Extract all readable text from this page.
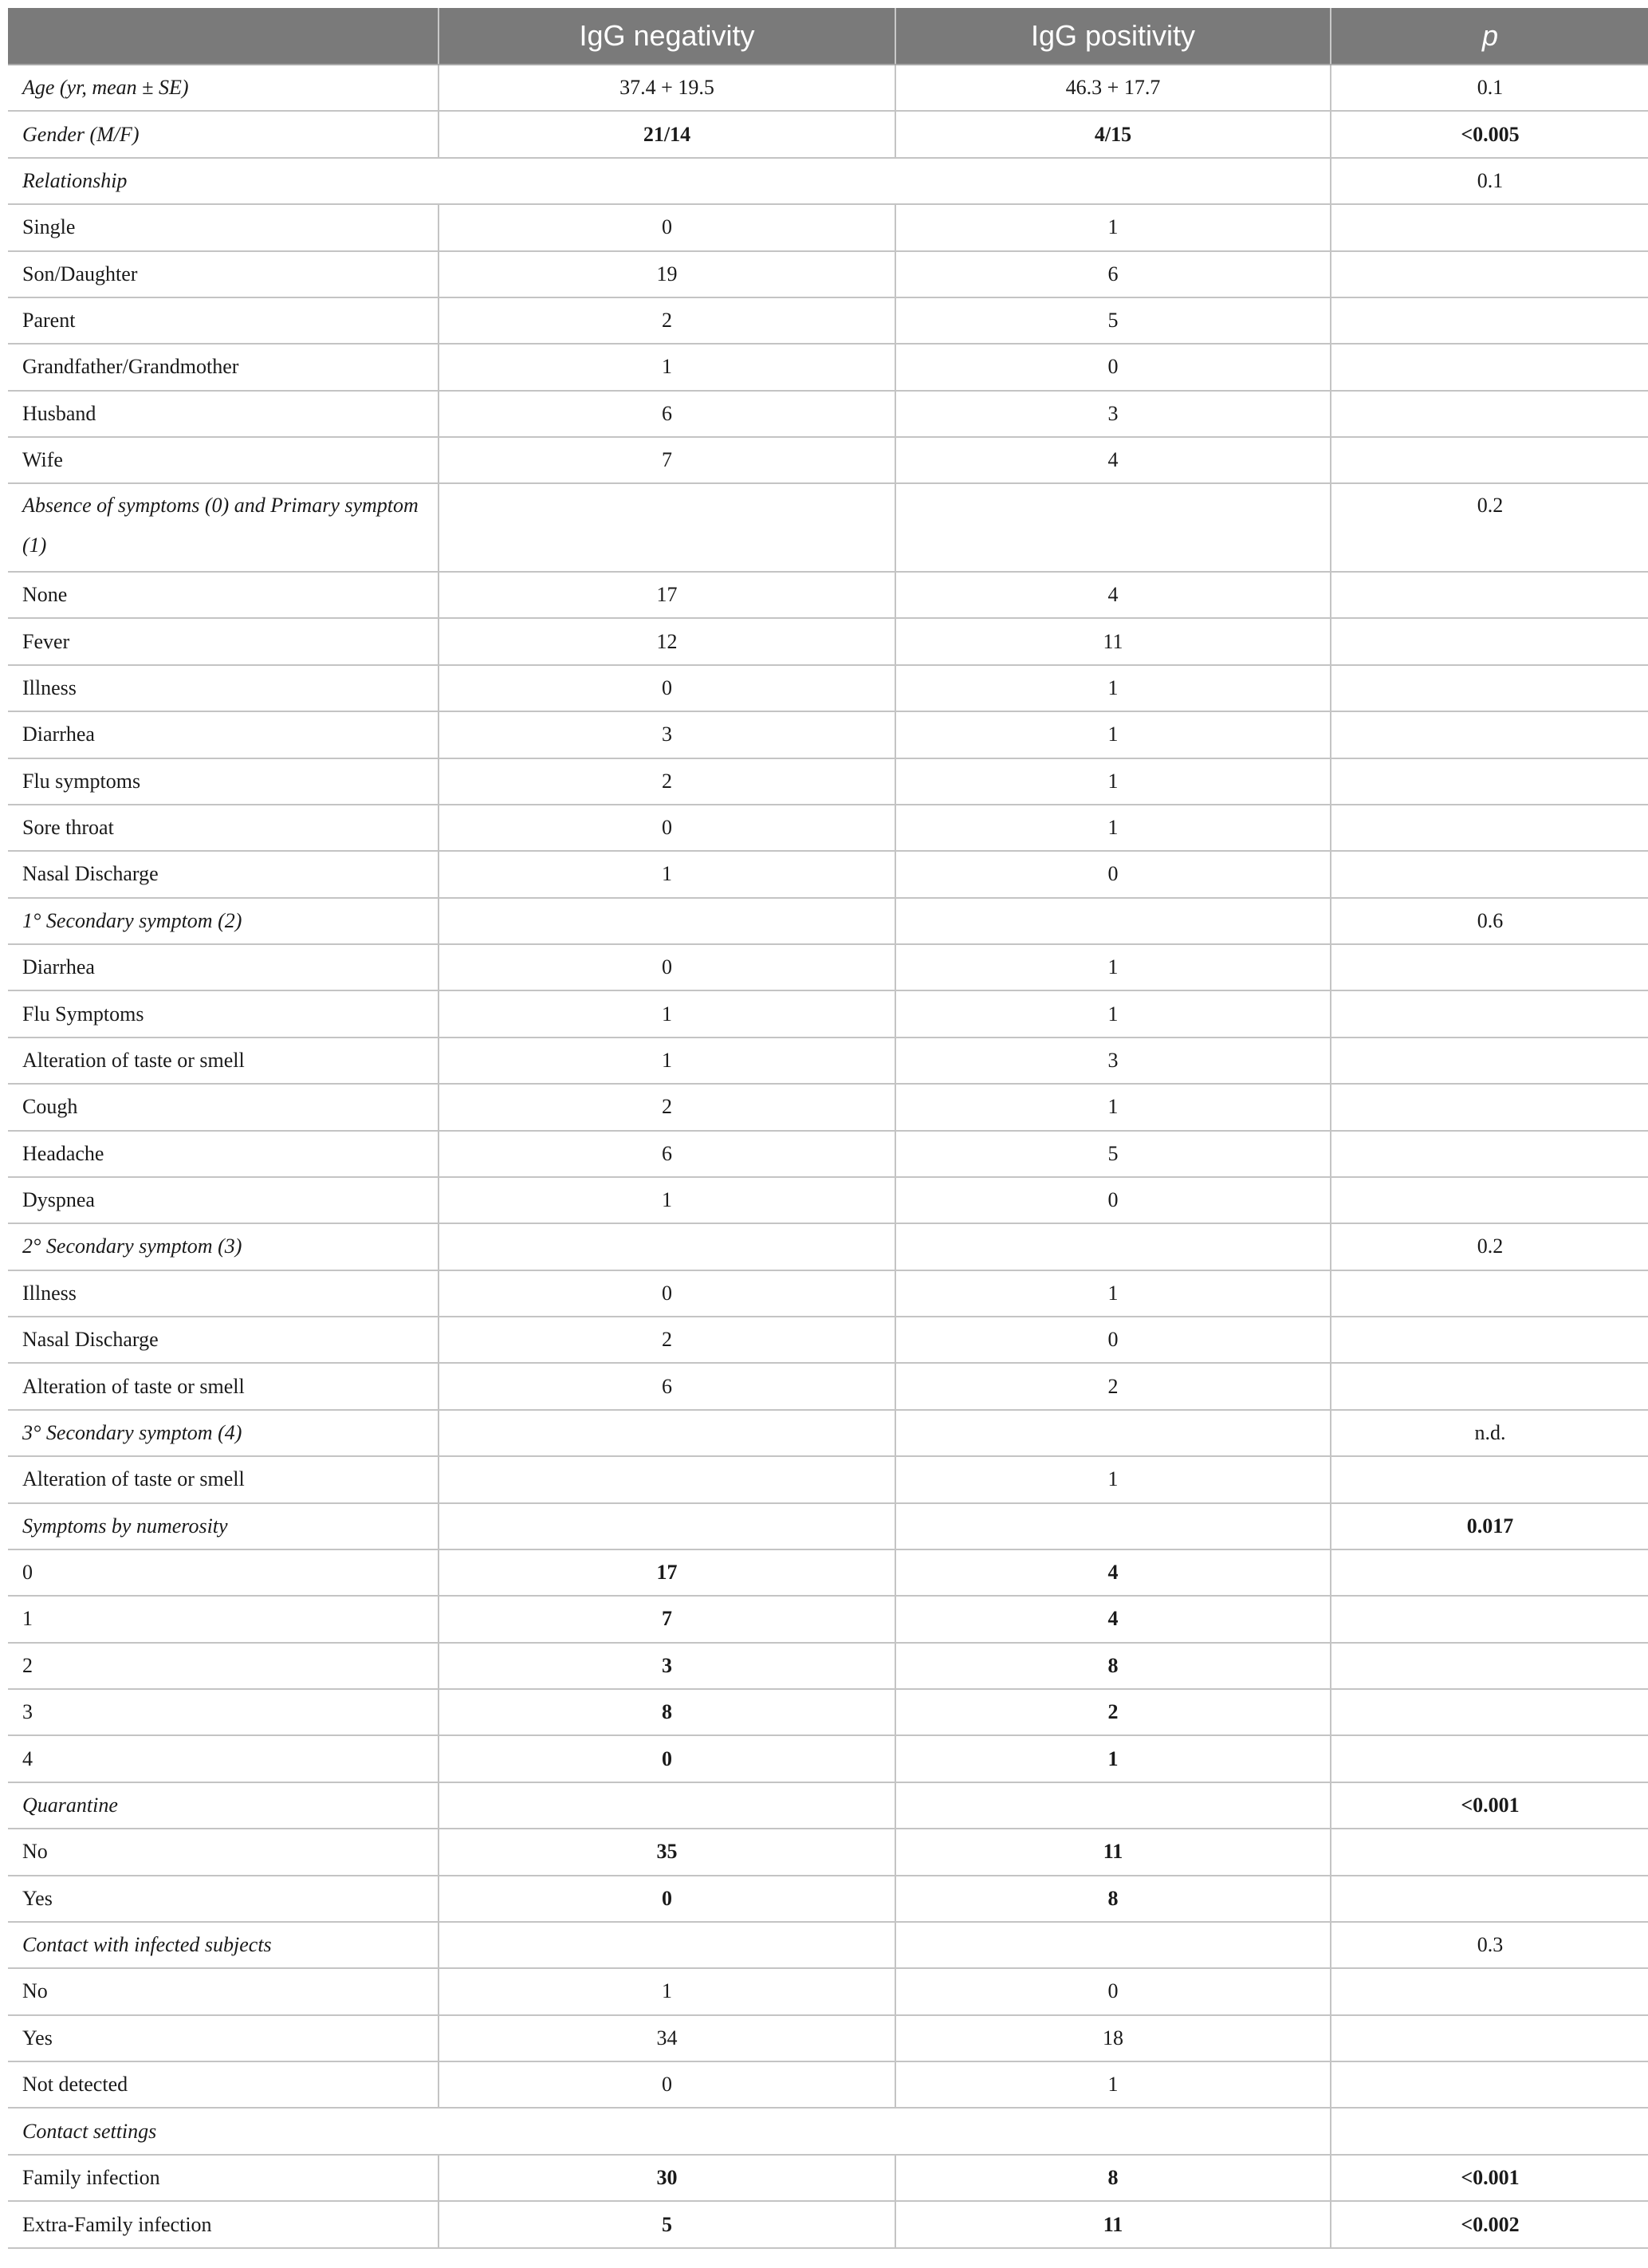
	IgG negativity	IgG positivity	p
Age (yr, mean ± SE)	37.4 + 19.5	46.3 + 17.7	0.1
Gender (M/F)	21/14	4/15	<0.005
Relationship			0.1
Single	0	1	
Son/Daughter	19	6	
Parent	2	5	
Grandfather/Grandmother	1	0	
Husband	6	3	
Wife	7	4	
Absence of symptoms (0) and Primary symptom (1)			0.2
None	17	4	
Fever	12	11	
Illness	0	1	
Diarrhea	3	1	
Flu symptoms	2	1	
Sore throat	0	1	
Nasal Discharge	1	0	
1° Secondary symptom (2)			0.6
Diarrhea	0	1	
Flu Symptoms	1	1	
Alteration of taste or smell	1	3	
Cough	2	1	
Headache	6	5	
Dyspnea	1	0	
2° Secondary symptom (3)			0.2
Illness	0	1	
Nasal Discharge	2	0	
Alteration of taste or smell	6	2	
3° Secondary symptom (4)			n.d.
Alteration of taste or smell		1	
Symptoms by numerosity			0.017
0	17	4	
1	7	4	
2	3	8	
3	8	2	
4	0	1	
Quarantine			<0.001
No	35	11	
Yes	0	8	
Contact with infected subjects			0.3
No	1	0	
Yes	34	18	
Not detected	0	1	
Contact settings			
Family infection	30	8	<0.001
Extra-Family infection	5	11	<0.002
